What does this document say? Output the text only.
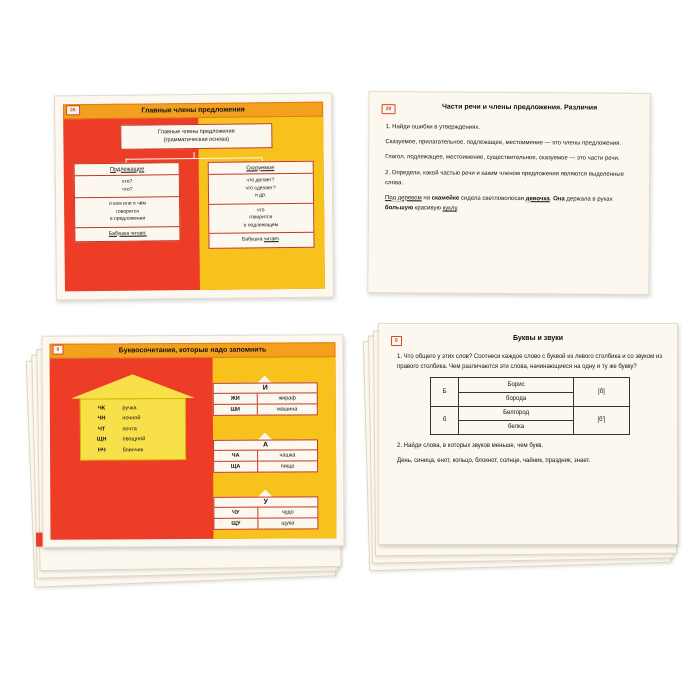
Главные члены предложения
26
Главные члены предложения
(грамматическая основа)
Подлежащее
кто?
что?
о ком или о чём
говорится
в предложении
Бабушка читает.
Сказуемое
что делает?
что сделает?
и др.
что
говорится
о подлежащем
Бабушка читает.
28	Части речи и члены предложения. Различия
1. Найди ошибки в утверждениях.

Сказуемое, прилагательное, подлежащее, местоимение — это члены предложения.

Глагол, подлежащее, местоимение, существительное, сказуемое — это части речи.

2. Определи, какой частью речи и каким членом предложения являются выделенные слова.

Под деревом на скамейке сидела светловолосая девочка. Она держала в руках большую красивую куклу.

Буквосочетания, которые надо запомнить
8
ЧК	ручка
ЧН	ночной
ЧТ	почта
ЩН	овощной
НЧ	блинчик
И
ЖИ	жираф
ШИ	машина
А
ЧА	чашка
ЩА	пища
У
ЧУ	чудо
ЩУ	щука
6	Буквы и звуки
1. Что общего у этих слов? Соотнеси каждое слово с буквой из левого столбика и со звуком из правого столбика. Чем различаются эти слова, начинающиеся на одну и ту же букву?
Б	Борис	[б]
	борода	
б	Белгород	[б']
	белка	
2. Найди слова, в которых звуков меньше, чем букв.

День, синица, енот, кольцо, блокнот, солнце, чайник, праздник, знает.
